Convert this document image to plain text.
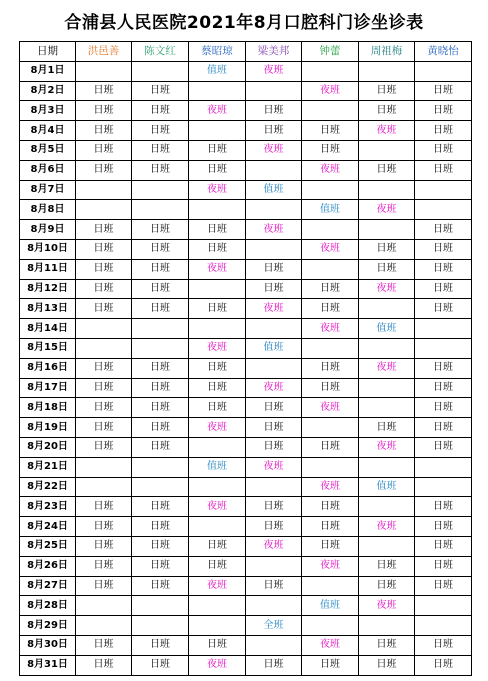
合浦县人民医院2021年8月口腔科门诊坐诊表
日期	洪邑善	陈文红	蔡昭琼	梁美邦	钟蕾	周祖梅	黄晓怡
8月1日			值班	夜班			
8月2日	日班	日班			夜班	日班	日班
8月3日	日班	日班	夜班	日班		日班	日班
8月4日	日班	日班		日班	日班	夜班	日班
8月5日	日班	日班	日班	夜班	日班		日班
8月6日	日班	日班	日班		夜班	日班	日班
8月7日			夜班	值班			
8月8日					值班	夜班	
8月9日	日班	日班	日班	夜班			日班
8月10日	日班	日班	日班		夜班	日班	日班
8月11日	日班	日班	夜班	日班		日班	日班
8月12日	日班	日班		日班	日班	夜班	日班
8月13日	日班	日班	日班	夜班	日班		日班
8月14日					夜班	值班	
8月15日			夜班	值班			
8月16日	日班	日班	日班		日班	夜班	日班
8月17日	日班	日班	日班	夜班	日班		日班
8月18日	日班	日班	日班	日班	夜班		日班
8月19日	日班	日班	夜班	日班		日班	日班
8月20日	日班	日班		日班	日班	夜班	日班
8月21日			值班	夜班			
8月22日					夜班	值班	
8月23日	日班	日班	夜班	日班	日班		日班
8月24日	日班	日班		日班	日班	夜班	日班
8月25日	日班	日班	日班	夜班	日班		日班
8月26日	日班	日班	日班		夜班	日班	日班
8月27日	日班	日班	夜班	日班		日班	日班
8月28日					值班	夜班	
8月29日				全班			
8月30日	日班	日班	日班		夜班	日班	日班
8月31日	日班	日班	夜班	日班	日班	日班	日班
